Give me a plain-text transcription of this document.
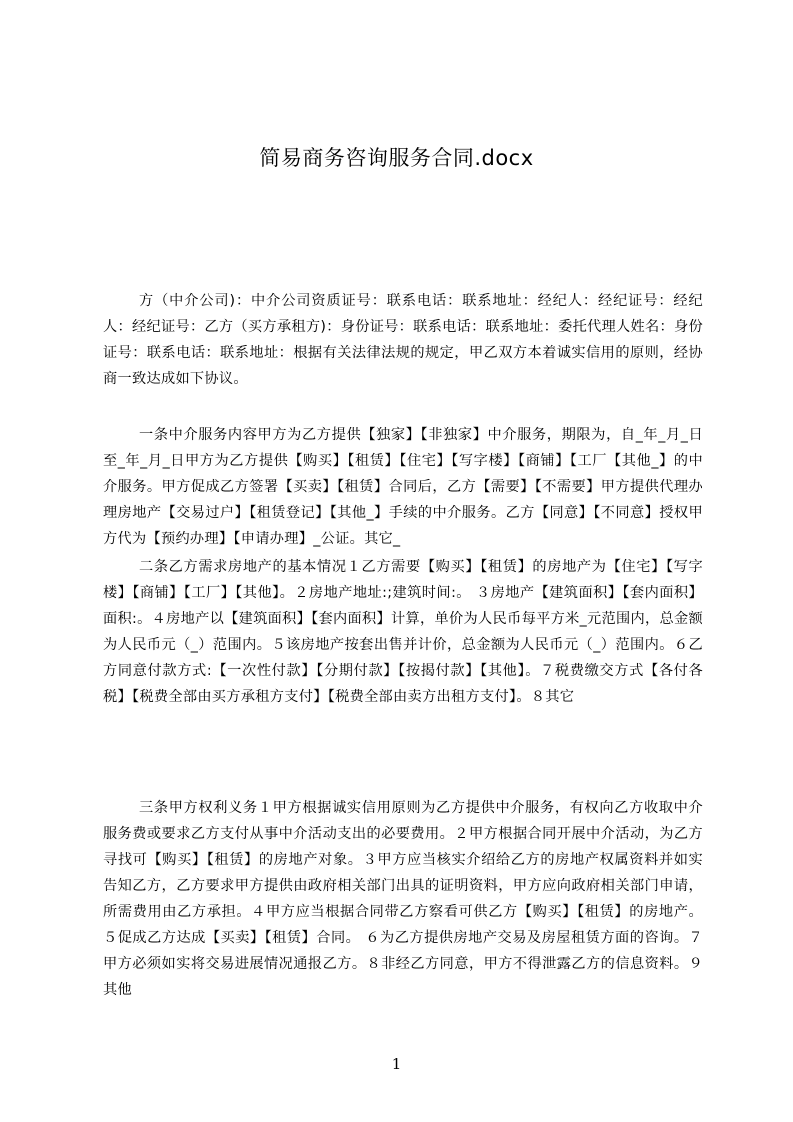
简易商务咨询服务合同.docx

方（中介公司)：中介公司资质证号：联系电话：联系地址：经纪人：经纪证号：经纪人：经纪证号：乙方（买方承租方)：身份证号：联系电话：联系地址：委托代理人姓名：身份证号：联系电话：联系地址：根据有关法律法规的规定，甲乙双方本着诚实信用的原则，经协商一致达成如下协议。

一条中介服务内容甲方为乙方提供【独家】【非独家】中介服务，期限为，自_年_月_日至_年_月_日甲方为乙方提供【购买】【租赁】【住宅】【写字楼】【商铺】【工厂【其他_】的中介服务。甲方促成乙方签署【买卖】【租赁】合同后，乙方【需要】【不需要】甲方提供代理办理房地产【交易过户】【租赁登记】【其他_】手续的中介服务。乙方【同意】【不同意】授权甲方代为【预约办理】【申请办理】_公证。其它_

二条乙方需求房地产的基本情况１乙方需要【购买】【租赁】的房地产为【住宅】【写字楼】【商铺】【工厂】【其他】。２房地产地址:;建筑时间:。 ３房地产【建筑面积】【套内面积】面积:。４房地产以【建筑面积】【套内面积】计算，单价为人民币每平方米_元范围内，总金额为人民币元（_）范围内。５该房地产按套出售并计价，总金额为人民币元（_）范围内。６乙方同意付款方式:【一次性付款】【分期付款】【按揭付款】【其他】。７税费缴交方式【各付各税】【税费全部由买方承租方支付】【税费全部由卖方出租方支付】。８其它

三条甲方权利义务１甲方根据诚实信用原则为乙方提供中介服务，有权向乙方收取中介服务费或要求乙方支付从事中介活动支出的必要费用。２甲方根据合同开展中介活动，为乙方寻找可【购买】【租赁】的房地产对象。３甲方应当核实介绍给乙方的房地产权属资料并如实告知乙方，乙方要求甲方提供由政府相关部门出具的证明资料，甲方应向政府相关部门申请，所需费用由乙方承担。４甲方应当根据合同带乙方察看可供乙方【购买】【租赁】的房地产。５促成乙方达成【买卖】【租赁】合同。 ６为乙方提供房地产交易及房屋租赁方面的咨询。７甲方必须如实将交易进展情况通报乙方。８非经乙方同意，甲方不得泄露乙方的信息资料。９其他

1
